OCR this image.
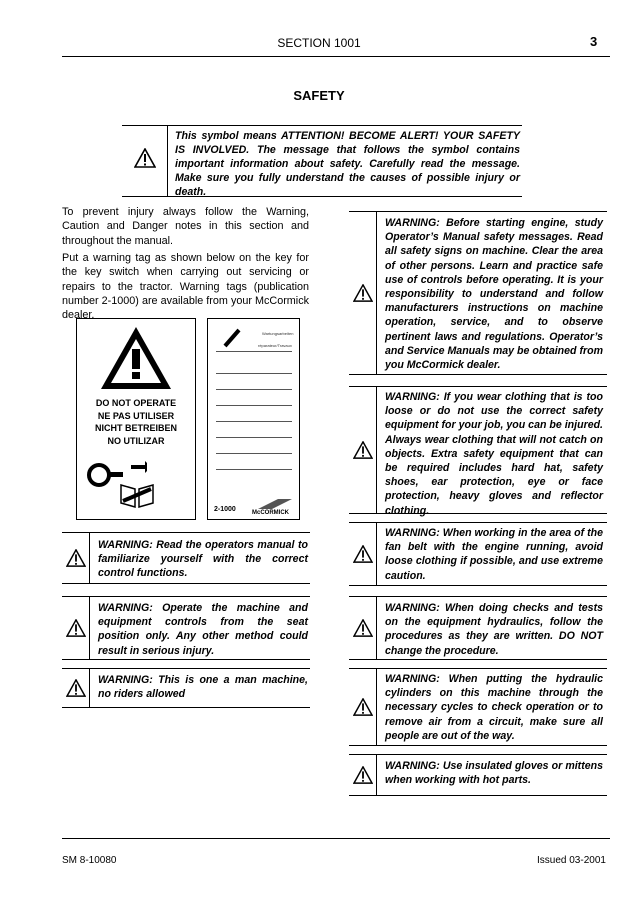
SECTION 1001	3
SAFETY
This symbol means ATTENTION! BECOME ALERT! YOUR SAFETY IS INVOLVED. The message that follows the symbol contains important information about safety. Carefully read the message. Make sure you fully understand the causes of possible injury or death.
To prevent injury always follow the Warning, Caution and Danger notes in this section and throughout the manual.
Put a warning tag as shown below on the key for the key switch when carrying out servicing or repairs to the tractor. Warning tags (publication number 2-1000) are available from your McCormick dealer.
DO NOT OPERATE
NE PAS UTILISER
NICHT BETREIBEN
NO UTILIZAR
Wartungsarbeiten
réparateur/Travaux
2-1000	McCORMICK
WARNING: Read the operators manual to familiarize yourself with the correct control functions.
WARNING: Operate the machine and equipment controls from the seat position only. Any other method could result in serious injury.
WARNING: This is one a man machine, no riders allowed
WARNING: Before starting engine, study Operator’s Manual safety messages. Read all safety signs on machine. Clear the area of other persons. Learn and practice safe use of controls before operating. It is your responsibility to understand and follow manufacturers instructions on machine operation, service, and to observe pertinent laws and regulations. Operator’s and Service Manuals may be obtained from you McCormick dealer.
WARNING: If you wear clothing that is too loose or do not use the correct safety equipment for your job, you can be injured. Always wear clothing that will not catch on objects. Extra safety equipment that can be required includes hard hat, safety shoes, ear protection, eye or face protection, heavy gloves and reflector clothing.
WARNING: When working in the area of the fan belt with the engine running, avoid loose clothing if possible, and use extreme caution.
WARNING: When doing checks and tests on the equipment hydraulics, follow the procedures as they are written. DO NOT change the procedure.
WARNING: When putting the hydraulic cylinders on this machine through the necessary cycles to check operation or to remove air from a circuit, make sure all people are out of the way.
WARNING: Use insulated gloves or mittens when working with hot parts.
SM 8-10080	Issued 03-2001
